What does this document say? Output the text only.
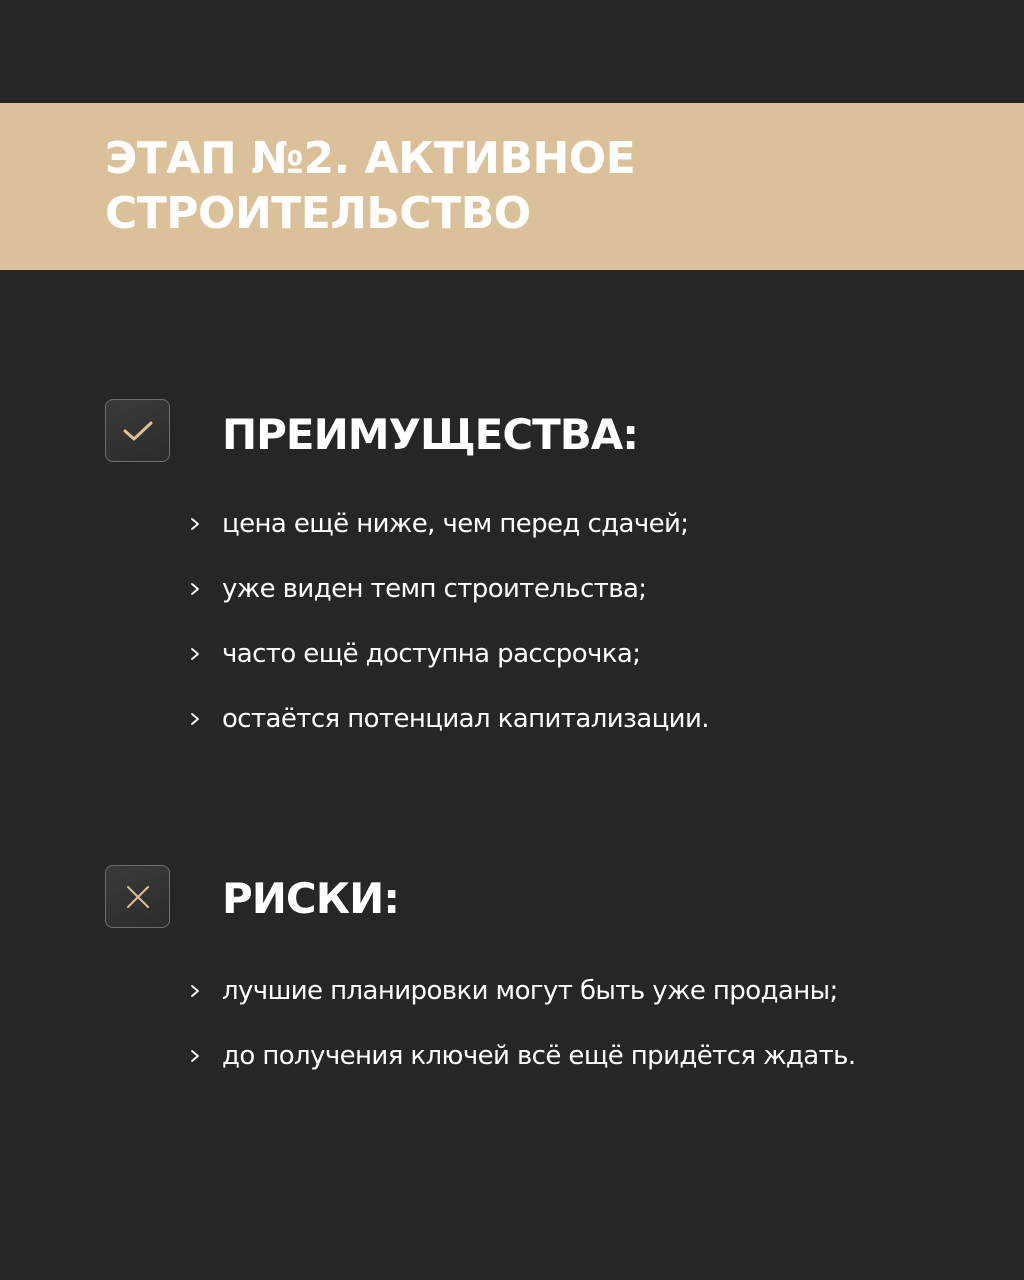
ЭТАП №2. АКТИВНОЕ
СТРОИТЕЛЬСТВО
ПРЕИМУЩЕСТВА:
цена ещё ниже, чем перед сдачей;
уже виден темп строительства;
часто ещё доступна рассрочка;
остаётся потенциал капитализации.
РИСКИ:
лучшие планировки могут быть уже проданы;
до получения ключей всё ещё придётся ждать.
